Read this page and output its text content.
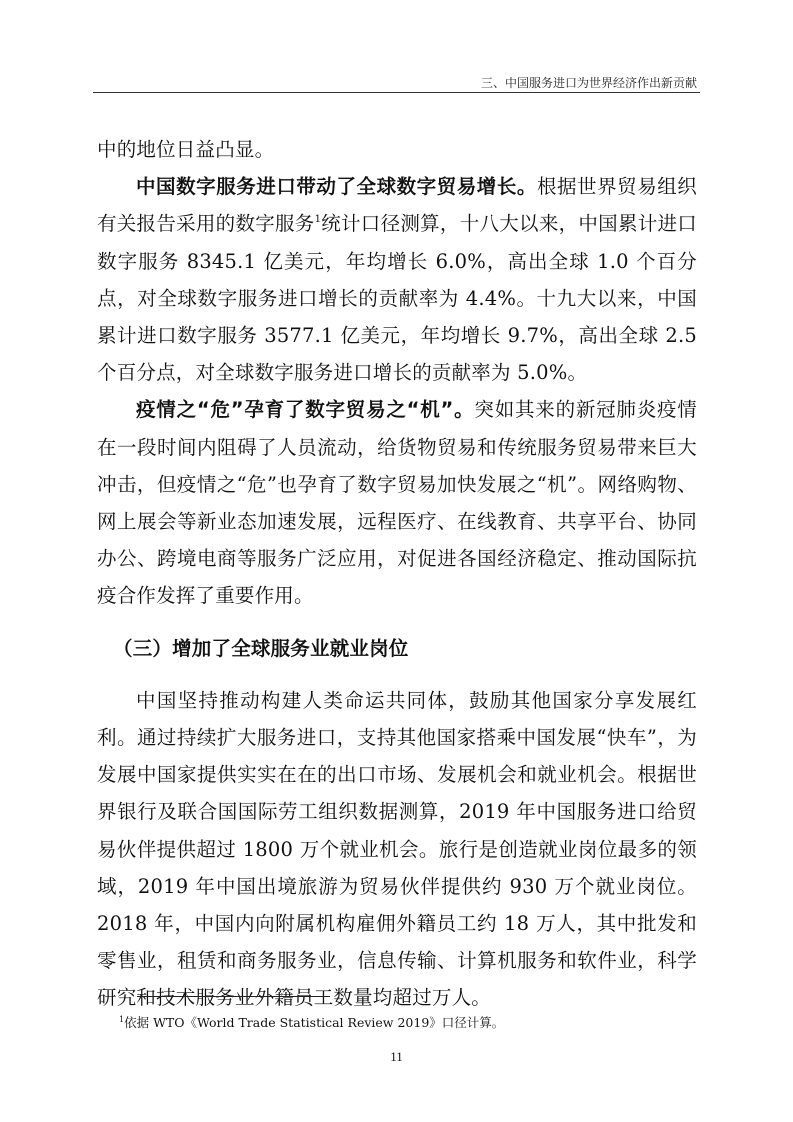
三、中国服务进口为世界经济作出新贡献

中的地位日益凸显。

中国数字服务进口带动了全球数字贸易增长。根据世界贸易组织有关报告采用的数字服务$^1$统计口径测算，十八大以来，中国累计进口数字服务 8345.1 亿美元，年均增长 6.0%，高出全球 1.0 个百分点，对全球数字服务进口增长的贡献率为 4.4%。十九大以来，中国累计进口数字服务 3577.1 亿美元，年均增长 9.7%，高出全球 2.5 个百分点，对全球数字服务进口增长的贡献率为 5.0%。

疫情之“危”孕育了数字贸易之“机”。突如其来的新冠肺炎疫情在一段时间内阻碍了人员流动，给货物贸易和传统服务贸易带来巨大冲击，但疫情之“危”也孕育了数字贸易加快发展之“机”。网络购物、网上展会等新业态加速发展，远程医疗、在线教育、共享平台、协同办公、跨境电商等服务广泛应用，对促进各国经济稳定、推动国际抗疫合作发挥了重要作用。

（三）增加了全球服务业就业岗位

中国坚持推动构建人类命运共同体，鼓励其他国家分享发展红利。通过持续扩大服务进口，支持其他国家搭乘中国发展“快车”，为发展中国家提供实实在在的出口市场、发展机会和就业机会。根据世界银行及联合国国际劳工组织数据测算，2019 年中国服务进口给贸易伙伴提供超过 1800 万个就业机会。旅行是创造就业岗位最多的领域，2019 年中国出境旅游为贸易伙伴提供约 930 万个就业岗位。2018 年，中国内向附属机构雇佣外籍员工约 18 万人，其中批发和零售业，租赁和商务服务业，信息传输、计算机服务和软件业，科学研究和技术服务业外籍员工数量均超过万人。

$^1$依据 WTO《World Trade Statistical Review 2019》口径计算。
11
